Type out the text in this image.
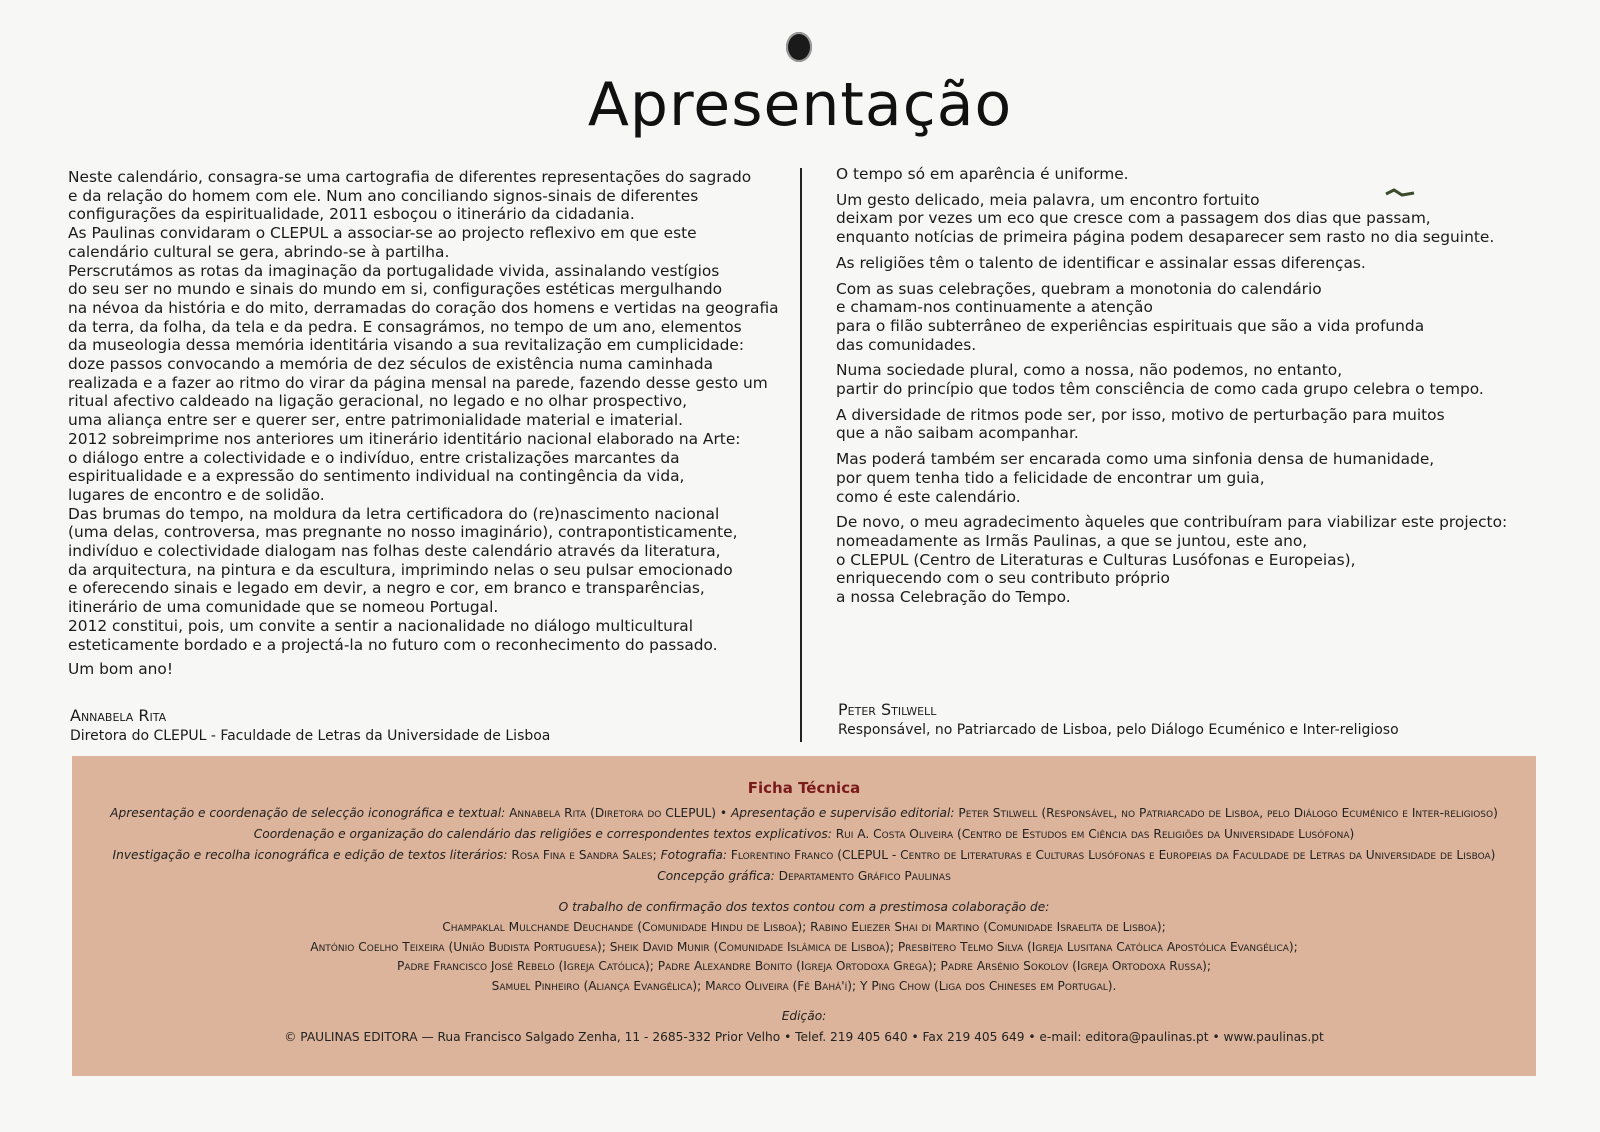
Apresentação

Neste calendário, consagra-se uma cartografia de diferentes representações do sagrado

e da relação do homem com ele. Num ano conciliando signos-sinais de diferentes

configurações da espiritualidade, 2011 esboçou o itinerário da cidadania.

As Paulinas convidaram o CLEPUL a associar-se ao projecto reflexivo em que este

calendário cultural se gera, abrindo-se à partilha.

Perscrutámos as rotas da imaginação da portugalidade vivida, assinalando vestígios

do seu ser no mundo e sinais do mundo em si, configurações estéticas mergulhando

na névoa da história e do mito, derramadas do coração dos homens e vertidas na geografia

da terra, da folha, da tela e da pedra. E consagrámos, no tempo de um ano, elementos

da museologia dessa memória identitária visando a sua revitalização em cumplicidade:

doze passos convocando a memória de dez séculos de existência numa caminhada

realizada e a fazer ao ritmo do virar da página mensal na parede, fazendo desse gesto um

ritual afectivo caldeado na ligação geracional, no legado e no olhar prospectivo,

uma aliança entre ser e querer ser, entre patrimonialidade material e imaterial.

2012 sobreimprime nos anteriores um itinerário identitário nacional elaborado na Arte:

o diálogo entre a colectividade e o indivíduo, entre cristalizações marcantes da

espiritualidade e a expressão do sentimento individual na contingência da vida,

lugares de encontro e de solidão.

Das brumas do tempo, na moldura da letra certificadora do (re)nascimento nacional

(uma delas, controversa, mas pregnante no nosso imaginário), contrapontisticamente,

indivíduo e colectividade dialogam nas folhas deste calendário através da literatura,

da arquitectura, na pintura e da escultura, imprimindo nelas o seu pulsar emocionado

e oferecendo sinais e legado em devir, a negro e cor, em branco e transparências,

itinerário de uma comunidade que se nomeou Portugal.

2012 constitui, pois, um convite a sentir a nacionalidade no diálogo multicultural

esteticamente bordado e a projectá-la no futuro com o reconhecimento do passado.

Um bom ano!

Annabela Rita
Diretora do CLEPUL - Faculdade de Letras da Universidade de Lisboa

O tempo só em aparência é uniforme.

Um gesto delicado, meia palavra, um encontro fortuito
deixam por vezes um eco que cresce com a passagem dos dias que passam,
enquanto notícias de primeira página podem desaparecer sem rasto no dia seguinte.

As religiões têm o talento de identificar e assinalar essas diferenças.

Com as suas celebrações, quebram a monotonia do calendário
e chamam-nos continuamente a atenção
para o filão subterrâneo de experiências espirituais que são a vida profunda
das comunidades.

Numa sociedade plural, como a nossa, não podemos, no entanto,
partir do princípio que todos têm consciência de como cada grupo celebra o tempo.

A diversidade de ritmos pode ser, por isso, motivo de perturbação para muitos
que a não saibam acompanhar.

Mas poderá também ser encarada como uma sinfonia densa de humanidade,
por quem tenha tido a felicidade de encontrar um guia,
como é este calendário.

De novo, o meu agradecimento àqueles que contribuíram para viabilizar este projecto:
nomeadamente as Irmãs Paulinas, a que se juntou, este ano,
o CLEPUL (Centro de Literaturas e Culturas Lusófonas e Europeias),
enriquecendo com o seu contributo próprio
a nossa Celebração do Tempo.

Peter Stilwell
Responsável, no Patriarcado de Lisboa, pelo Diálogo Ecuménico e Inter-religioso
Ficha Técnica

Apresentação e coordenação de selecção iconográfica e textual: Annabela Rita (Diretora do CLEPUL) • Apresentação e supervisão editorial: Peter Stilwell (Responsável, no Patriarcado de Lisboa, pelo Diálogo Ecuménico e Inter-religioso)

Coordenação e organização do calendário das religiões e correspondentes textos explicativos: Rui A. Costa Oliveira (Centro de Estudos em Ciência das Religiões da Universidade Lusófona)

Investigação e recolha iconográfica e edição de textos literários: Rosa Fina e Sandra Sales; Fotografia: Florentino Franco (CLEPUL - Centro de Literaturas e Culturas Lusófonas e Europeias da Faculdade de Letras da Universidade de Lisboa)

Concepção gráfica: Departamento Gráfico Paulinas

O trabalho de confirmação dos textos contou com a prestimosa colaboração de:

Champaklal Mulchande Deuchande (Comunidade Hindu de Lisboa); Rabino Eliezer Shai di Martino (Comunidade Israelita de Lisboa);

António Coelho Teixeira (União Budista Portuguesa); Sheik David Munir (Comunidade Islâmica de Lisboa); Presbítero Telmo Silva (Igreja Lusitana Católica Apostólica Evangélica);

Padre Francisco José Rebelo (Igreja Católica); Padre Alexandre Bonito (Igreja Ortodoxa Grega); Padre Arsénio Sokolov (Igreja Ortodoxa Russa);

Samuel Pinheiro (Aliança Evangélica); Marco Oliveira (Fé Bahá'í); Y Ping Chow (Liga dos Chineses em Portugal).

Edição:

© PAULINAS EDITORA — Rua Francisco Salgado Zenha, 11 - 2685-332 Prior Velho • Telef. 219 405 640 • Fax 219 405 649 • e-mail: editora@paulinas.pt • www.paulinas.pt
